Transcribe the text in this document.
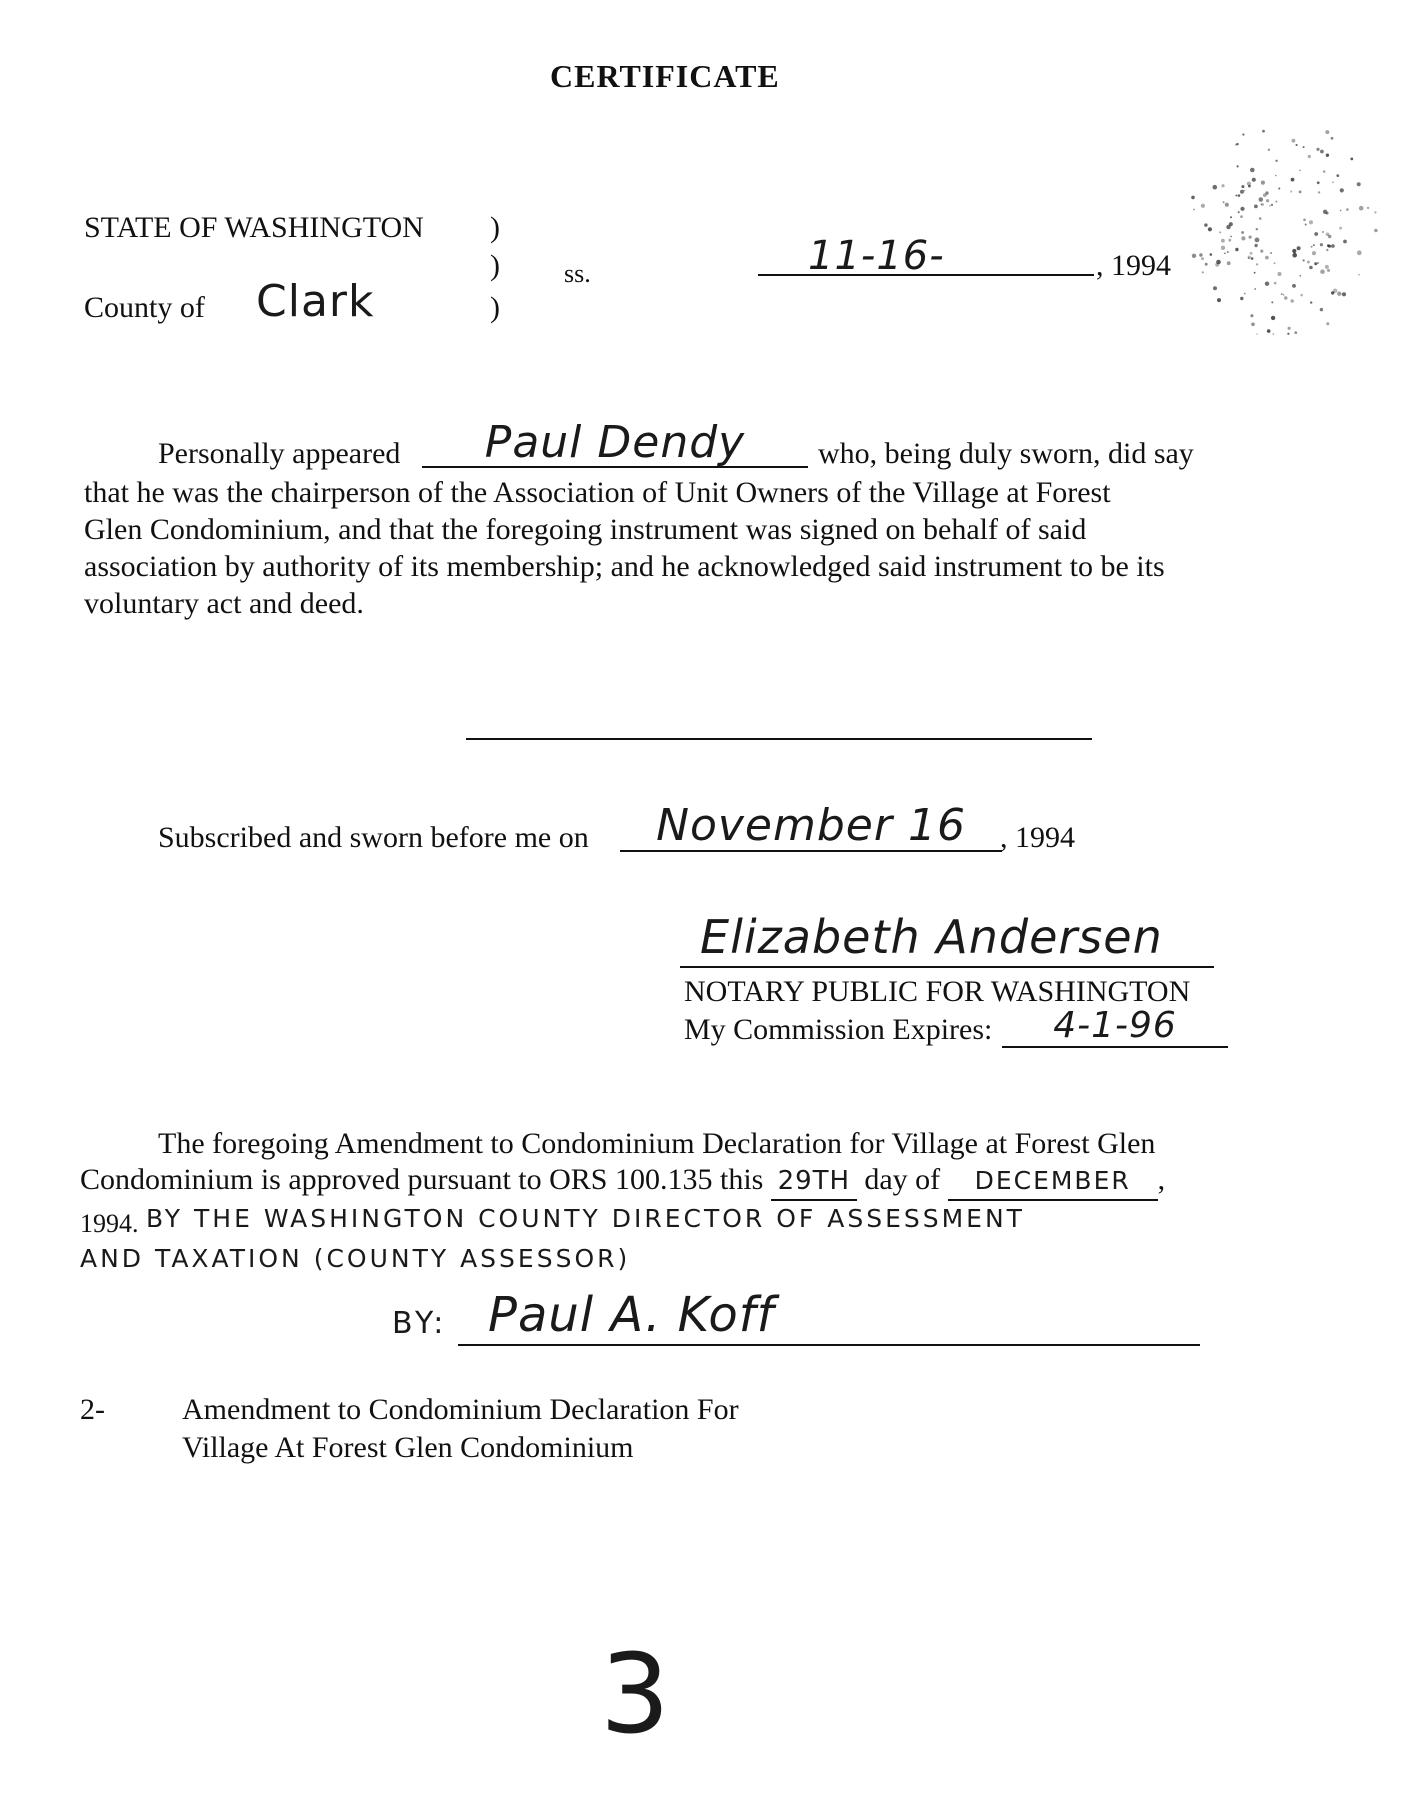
CERTIFICATE
STATE OF WASHINGTON )
)
)
County of Clark
ss.	11-16-	, 1994
Personally appeared	Paul Dendy	who, being duly sworn, did say

that he was the chairperson of the Association of Unit Owners of the Village at Forest

Glen Condominium, and that the foregoing instrument was signed on behalf of said

association by authority of its membership; and he acknowledged said instrument to be its

voluntary act and deed.

Subscribed and sworn before me on	November 16	, 1994
Elizabeth Andersen
NOTARY PUBLIC FOR WASHINGTON
My Commission Expires:	4-1-96
The foregoing Amendment to Condominium Declaration for Village at Forest Glen
Condominium is approved pursuant to ORS 100.135 this 29TH day of DECEMBER ,
1994. BY THE WASHINGTON COUNTY DIRECTOR OF ASSESSMENT
AND TAXATION (COUNTY ASSESSOR)
BY: Paul A. Koff
2-	Amendment to Condominium Declaration For
Village At Forest Glen Condominium
3
